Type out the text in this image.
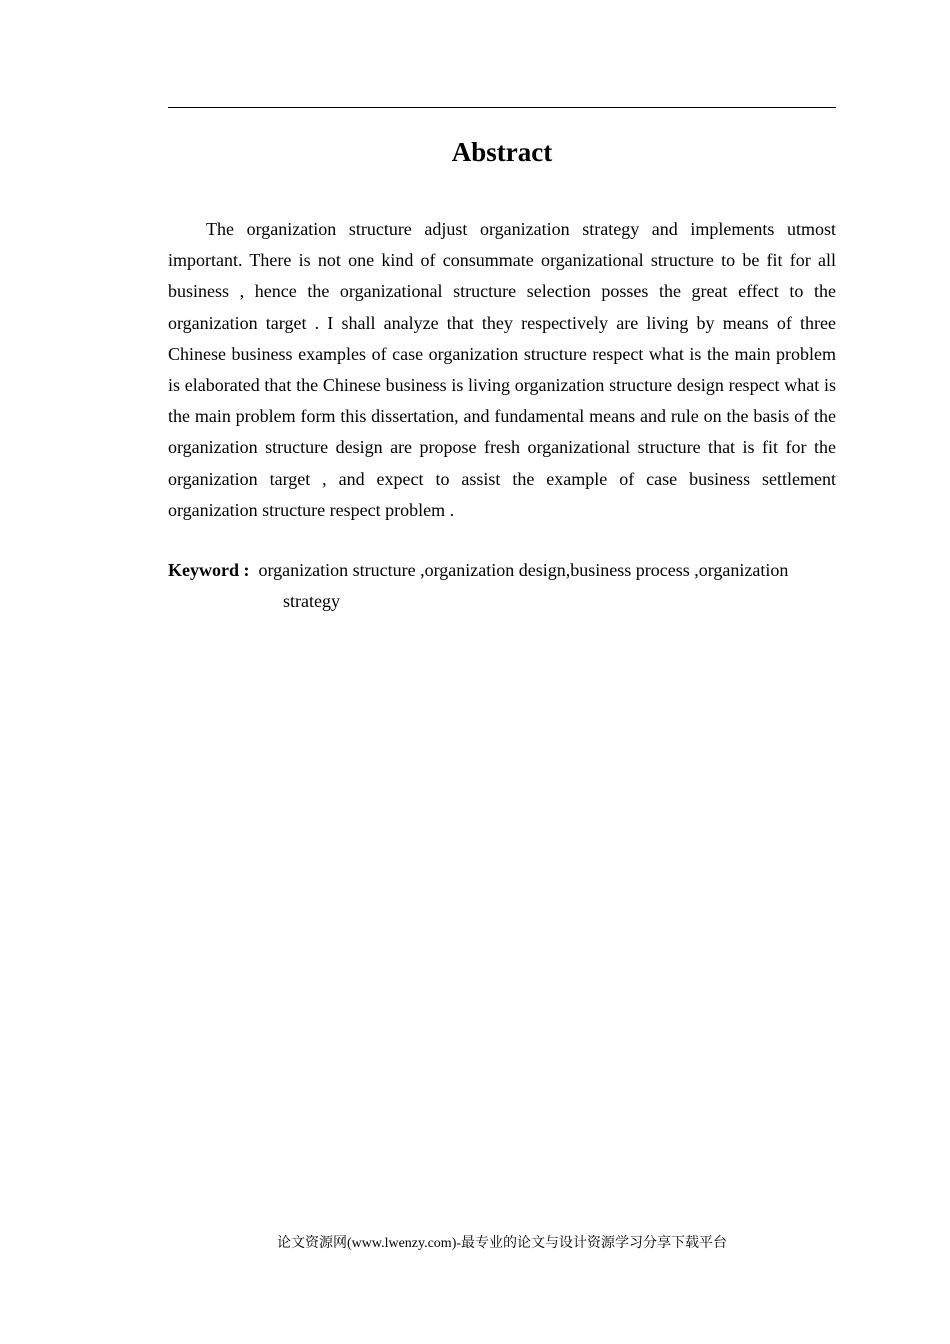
Abstract

The organization structure adjust organization strategy and implements utmost important. There is not one kind of consummate organizational structure to be fit for all business , hence the organizational structure selection posses the great effect to the organization target . I shall analyze that they respectively are living by means of three Chinese business examples of case organization structure respect what is the main problem is elaborated that the Chinese business is living organization structure design respect what is the main problem form this dissertation, and fundamental means and rule on the basis of the organization structure design are propose fresh organizational structure that is fit for the organization target , and expect to assist the example of case business settlement organization structure respect problem .

Keyword : organization structure ,organization design,business process ,organization strategy
论文资源网(www.lwenzy.com)-最专业的论文与设计资源学习分享下载平台
